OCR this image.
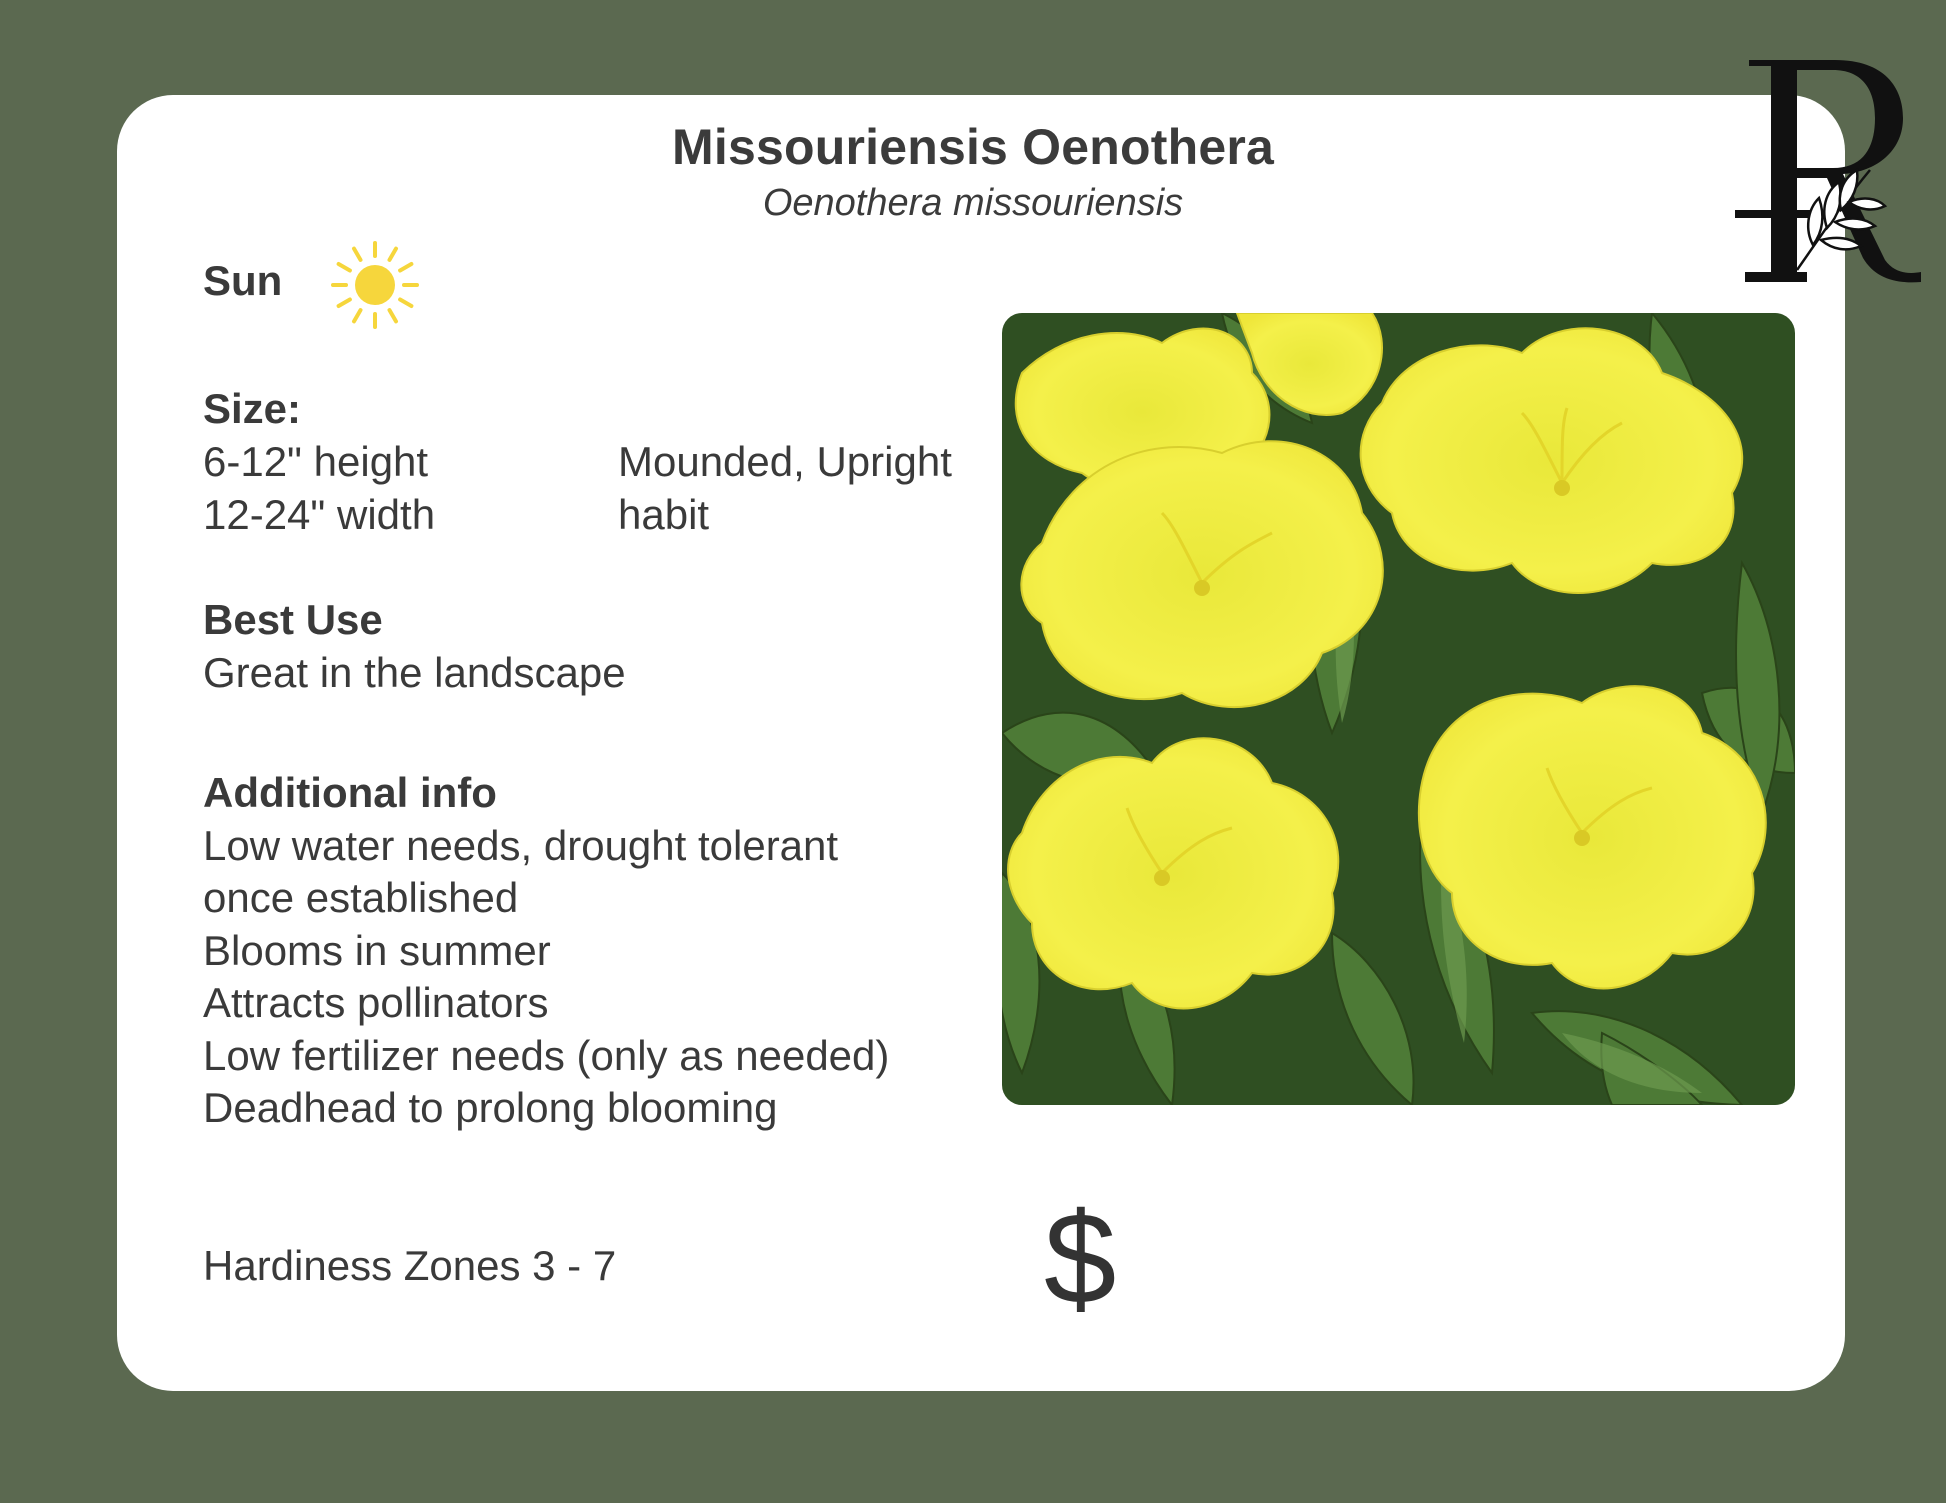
Missouriensis Oenothera
Oenothera missouriensis
Sun
Size:
6-12" height
12-24" width
Mounded, Upright
habit
Best Use
Great in the landscape
Additional info
Low water needs, drought tolerant
once established
Blooms in summer
Attracts pollinators
Low fertilizer needs (only as needed)
Deadhead to prolong blooming
Hardiness Zones 3 - 7	$
